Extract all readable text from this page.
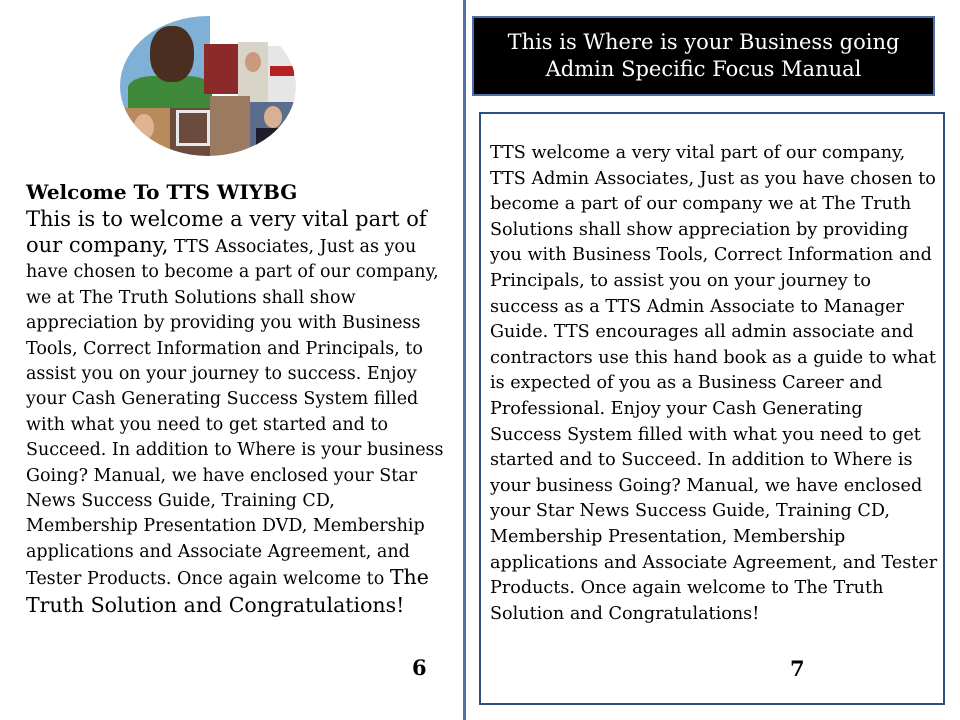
Welcome To TTS WIYBG

This is to welcome a very vital part of our company, TTS Associates, Just as you have chosen to become a part of our company, we at The Truth Solutions shall show appreciation by providing you with Business Tools, Correct Information and Principals, to assist you on your journey to success. Enjoy your Cash Generating Success System filled with what you need to get started and to Succeed. In addition to Where is your business Going? Manual, we have enclosed your Star News Success Guide, Training CD, Membership Presentation DVD, Membership applications and Associate Agreement, and Tester Products. Once again welcome to The Truth Solution and Congratulations!

6
This is Where is your Business going
Admin Specific Focus Manual

TTS welcome a very vital part of our company, TTS Admin Associates, Just as you have chosen to become a part of our company we at The Truth Solutions shall show appreciation by providing you with Business Tools, Correct Information and Principals, to assist you on your journey to success as a TTS Admin Associate to Manager Guide. TTS encourages all admin associate and contractors use this hand book as a guide to what is expected of you as a Business Career and Professional. Enjoy your Cash Generating Success System filled with what you need to get started and to Succeed. In addition to Where is your business Going? Manual, we have enclosed your Star News Success Guide, Training CD, Membership Presentation, Membership applications and Associate Agreement, and Tester Products. Once again welcome to The Truth Solution and Congratulations!

7
